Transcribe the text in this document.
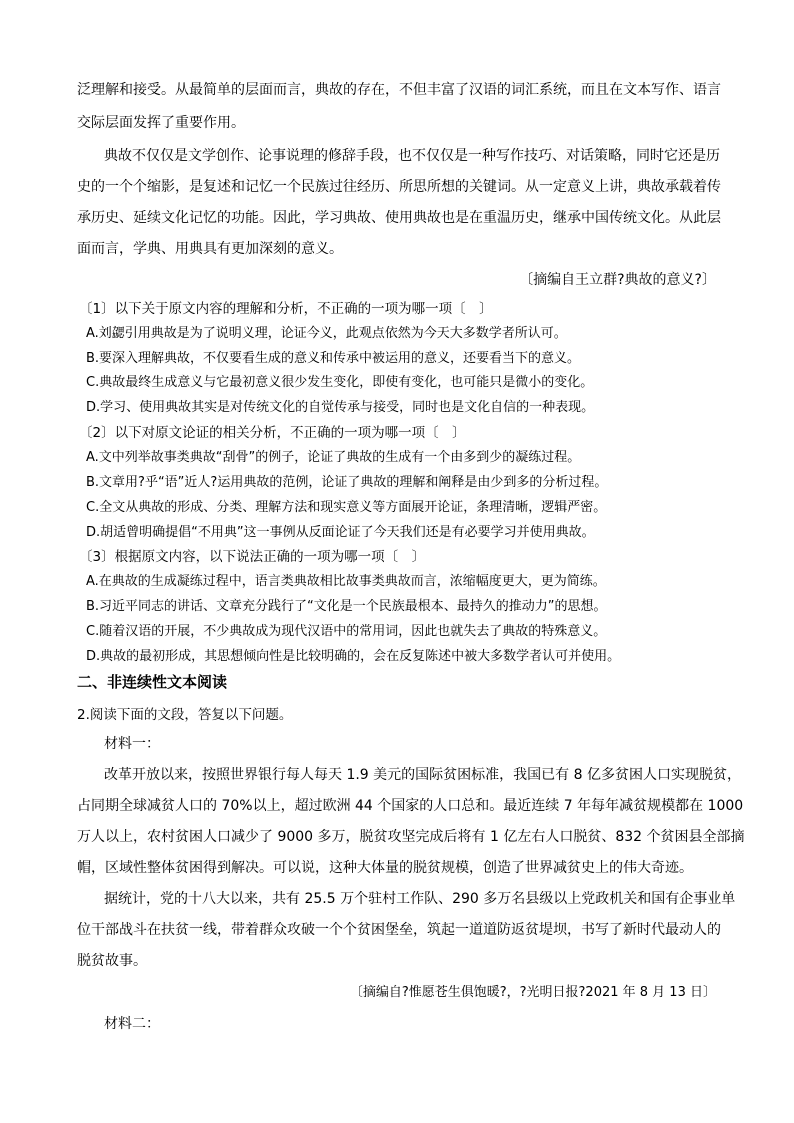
泛理解和接受。从最简单的层面而言，典故的存在，不但丰富了汉语的词汇系统，而且在文本写作、语言
交际层面发挥了重要作用。
典故不仅仅是文学创作、论事说理的修辞手段，也不仅仅是一种写作技巧、对话策略，同时它还是历
史的一个个缩影，是复述和记忆一个民族过往经历、所思所想的关键词。从一定意义上讲，典故承载着传
承历史、延续文化记忆的功能。因此，学习典故、使用典故也是在重温历史，继承中国传统文化。从此层
面而言，学典、用典具有更加深刻的意义。
〔摘编自王立群?典故的意义?〕
〔1〕以下关于原文内容的理解和分析，不正确的一项为哪一项〔　〕
A.刘勰引用典故是为了说明义理，论证今义，此观点依然为今天大多数学者所认可。
B.要深入理解典故，不仅要看生成的意义和传承中被运用的意义，还要看当下的意义。
C.典故最终生成意义与它最初意义很少发生变化，即使有变化，也可能只是微小的变化。
D.学习、使用典故其实是对传统文化的自觉传承与接受，同时也是文化自信的一种表现。
〔2〕以下对原文论证的相关分析，不正确的一项为哪一项〔　〕
A.文中列举故事类典故“刮骨”的例子，论证了典故的生成有一个由多到少的凝练过程。
B.文章用?乎“语”近人?运用典故的范例，论证了典故的理解和阐释是由少到多的分析过程。
C.全文从典故的形成、分类、理解方法和现实意义等方面展开论证，条理清晰，逻辑严密。
D.胡适曾明确提倡“不用典”这一事例从反面论证了今天我们还是有必要学习并使用典故。
〔3〕根据原文内容，以下说法正确的一项为哪一项〔　〕
A.在典故的生成凝练过程中，语言类典故相比故事类典故而言，浓缩幅度更大，更为简练。
B.习近平同志的讲话、文章充分践行了“文化是一个民族最根本、最持久的推动力”的思想。
C.随着汉语的开展，不少典故成为现代汉语中的常用词，因此也就失去了典故的特殊意义。
D.典故的最初形成，其思想倾向性是比较明确的，会在反复陈述中被大多数学者认可并使用。
二、非连续性文本阅读
2.阅读下面的文段，答复以下问题。
材料一：
改革开放以来，按照世界银行每人每天 1.9 美元的国际贫困标准，我国已有 8 亿多贫困人口实现脱贫，
占同期全球减贫人口的 70%以上，超过欧洲 44 个国家的人口总和。最近连续 7 年每年减贫规模都在 1000
万人以上，农村贫困人口减少了 9000 多万，脱贫攻坚完成后将有 1 亿左右人口脱贫、832 个贫困县全部摘
帽，区域性整体贫困得到解决。可以说，这种大体量的脱贫规模，创造了世界减贫史上的伟大奇迹。
据统计，党的十八大以来，共有 25.5 万个驻村工作队、290 多万名县级以上党政机关和国有企事业单
位干部战斗在扶贫一线，带着群众攻破一个个贫困堡垒，筑起一道道防返贫堤坝，书写了新时代最动人的
脱贫故事。
〔摘编自?惟愿苍生俱饱暖?，?光明日报?2021 年 8 月 13 日〕
材料二：
